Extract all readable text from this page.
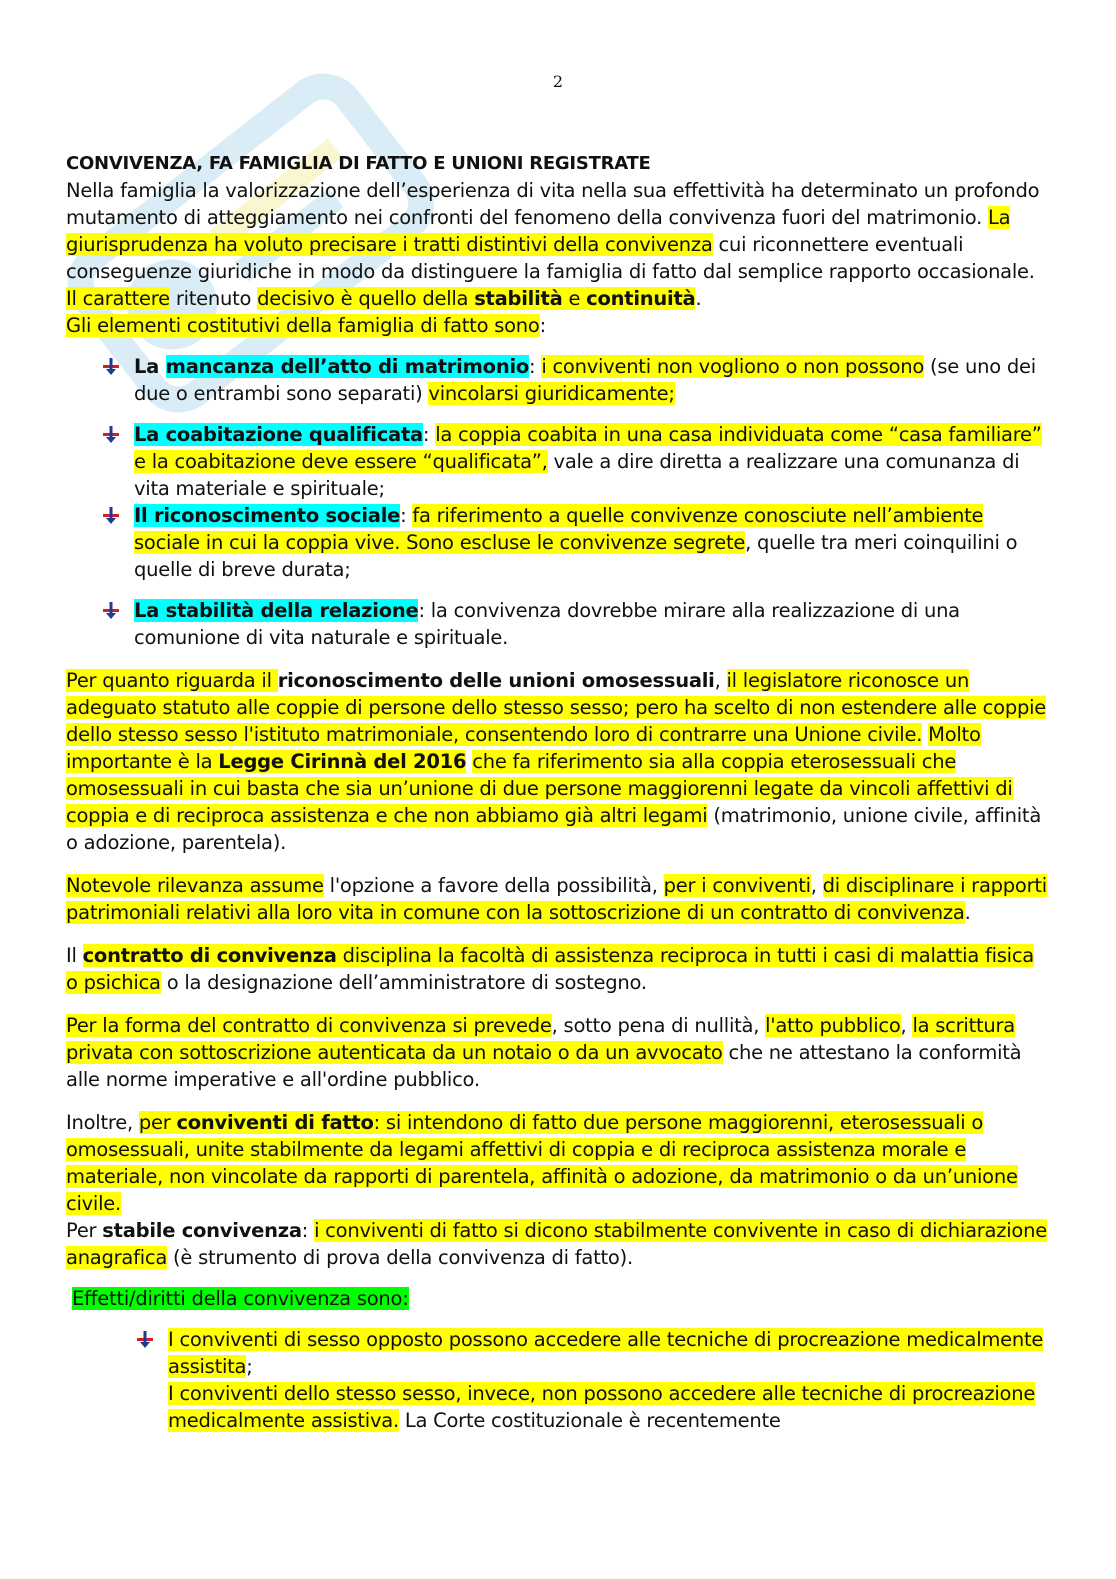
2

CONVIVENZA, FA FAMIGLIA DI FATTO E UNIONI REGISTRATE

Nella famiglia la valorizzazione dell’esperienza di vita nella sua effettività ha determinato un profondo mutamento di atteggiamento nei confronti del fenomeno della convivenza fuori del matrimonio. La giurisprudenza ha voluto precisare i tratti distintivi della convivenza cui riconnettere eventuali conseguenze giuridiche in modo da distinguere la famiglia di fatto dal semplice rapporto occasionale. Il carattere ritenuto decisivo è quello della stabilità e continuità.
Gli elementi costitutivi della famiglia di fatto sono:

La mancanza dell’atto di matrimonio: i conviventi non vogliono o non possono (se uno dei due o entrambi sono separati) vincolarsi giuridicamente;
La coabitazione qualificata: la coppia coabita in una casa individuata come “casa familiare” e la coabitazione deve essere “qualificata”, vale a dire diretta a realizzare una comunanza di vita materiale e spirituale;
Il riconoscimento sociale: fa riferimento a quelle convivenze conosciute nell’ambiente sociale in cui la coppia vive. Sono escluse le convivenze segrete, quelle tra meri coinquilini o quelle di breve durata;
La stabilità della relazione: la convivenza dovrebbe mirare alla realizzazione di una comunione di vita naturale e spirituale.

Per quanto riguarda il riconoscimento delle unioni omosessuali, il legislatore riconosce un adeguato statuto alle coppie di persone dello stesso sesso; pero ha scelto di non estendere alle coppie dello stesso sesso l'istituto matrimoniale, consentendo loro di contrarre una Unione civile. Molto importante è la Legge Cirinnà del 2016 che fa riferimento sia alla coppia eterosessuali che omosessuali in cui basta che sia un’unione di due persone maggiorenni legate da vincoli affettivi di coppia e di reciproca assistenza e che non abbiamo già altri legami (matrimonio, unione civile, affinità o adozione, parentela).

Notevole rilevanza assume l'opzione a favore della possibilità, per i conviventi, di disciplinare i rapporti patrimoniali relativi alla loro vita in comune con la sottoscrizione di un contratto di convivenza.

Il contratto di convivenza disciplina la facoltà di assistenza reciproca in tutti i casi di malattia fisica o psichica o la designazione dell’amministratore di sostegno.

Per la forma del contratto di convivenza si prevede, sotto pena di nullità, l'atto pubblico, la scrittura privata con sottoscrizione autenticata da un notaio o da un avvocato che ne attestano la conformità alle norme imperative e all'ordine pubblico.

Inoltre, per conviventi di fatto: si intendono di fatto due persone maggiorenni, eterosessuali o omosessuali, unite stabilmente da legami affettivi di coppia e di reciproca assistenza morale e materiale, non vincolate da rapporti di parentela, affinità o adozione, da matrimonio o da un’unione civile.
Per stabile convivenza: i conviventi di fatto si dicono stabilmente convivente in caso di dichiarazione anagrafica (è strumento di prova della convivenza di fatto).

Effetti/diritti della convivenza sono:

I conviventi di sesso opposto possono accedere alle tecniche di procreazione medicalmente assistita;
I conviventi dello stesso sesso, invece, non possono accedere alle tecniche di procreazione medicalmente assistiva. La Corte costituzionale è recentemente
